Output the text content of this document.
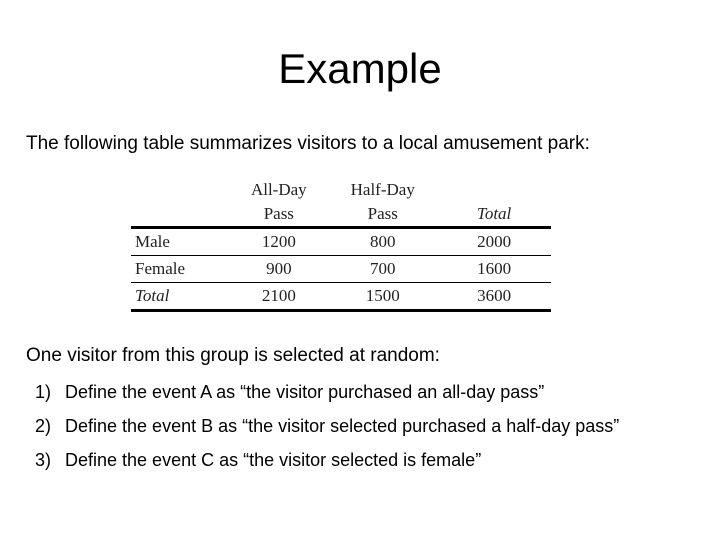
Example
The following table summarizes visitors to a local amusement park:
	All-Day	Half-Day	
	Pass	Pass	Total
Male	1200	800	2000
Female	900	700	1600
Total	2100	1500	3600
One visitor from this group is selected at random:
1) Define the event A as “the visitor purchased an all-day pass”
2) Define the event B as “the visitor selected purchased a half-day pass”
3) Define the event C as “the visitor selected is female”
